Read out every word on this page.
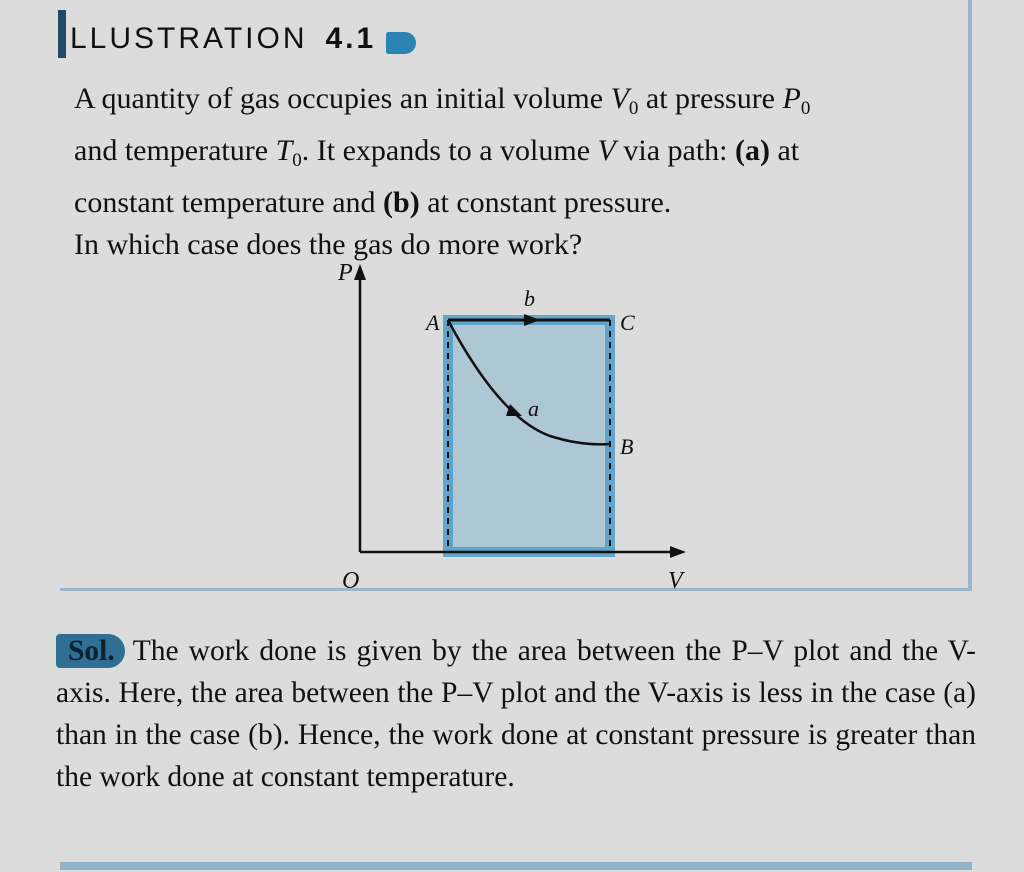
LLUSTRATION 4.1

A quantity of gas occupies an initial volume $V_0$ at pressure $P_0$

and temperature $T_0$. It expands to a volume V via path: (a) at

constant temperature and (b) at constant pressure.

In which case does the gas do more work?

P
V
O
A	C
B
b
a

Sol. The work done is given by the area between the P–V plot and the V-axis. Here, the area between the P–V plot and the V-axis is less in the case (a) than in the case (b). Hence, the work done at constant pressure is greater than the work done at constant temperature.
